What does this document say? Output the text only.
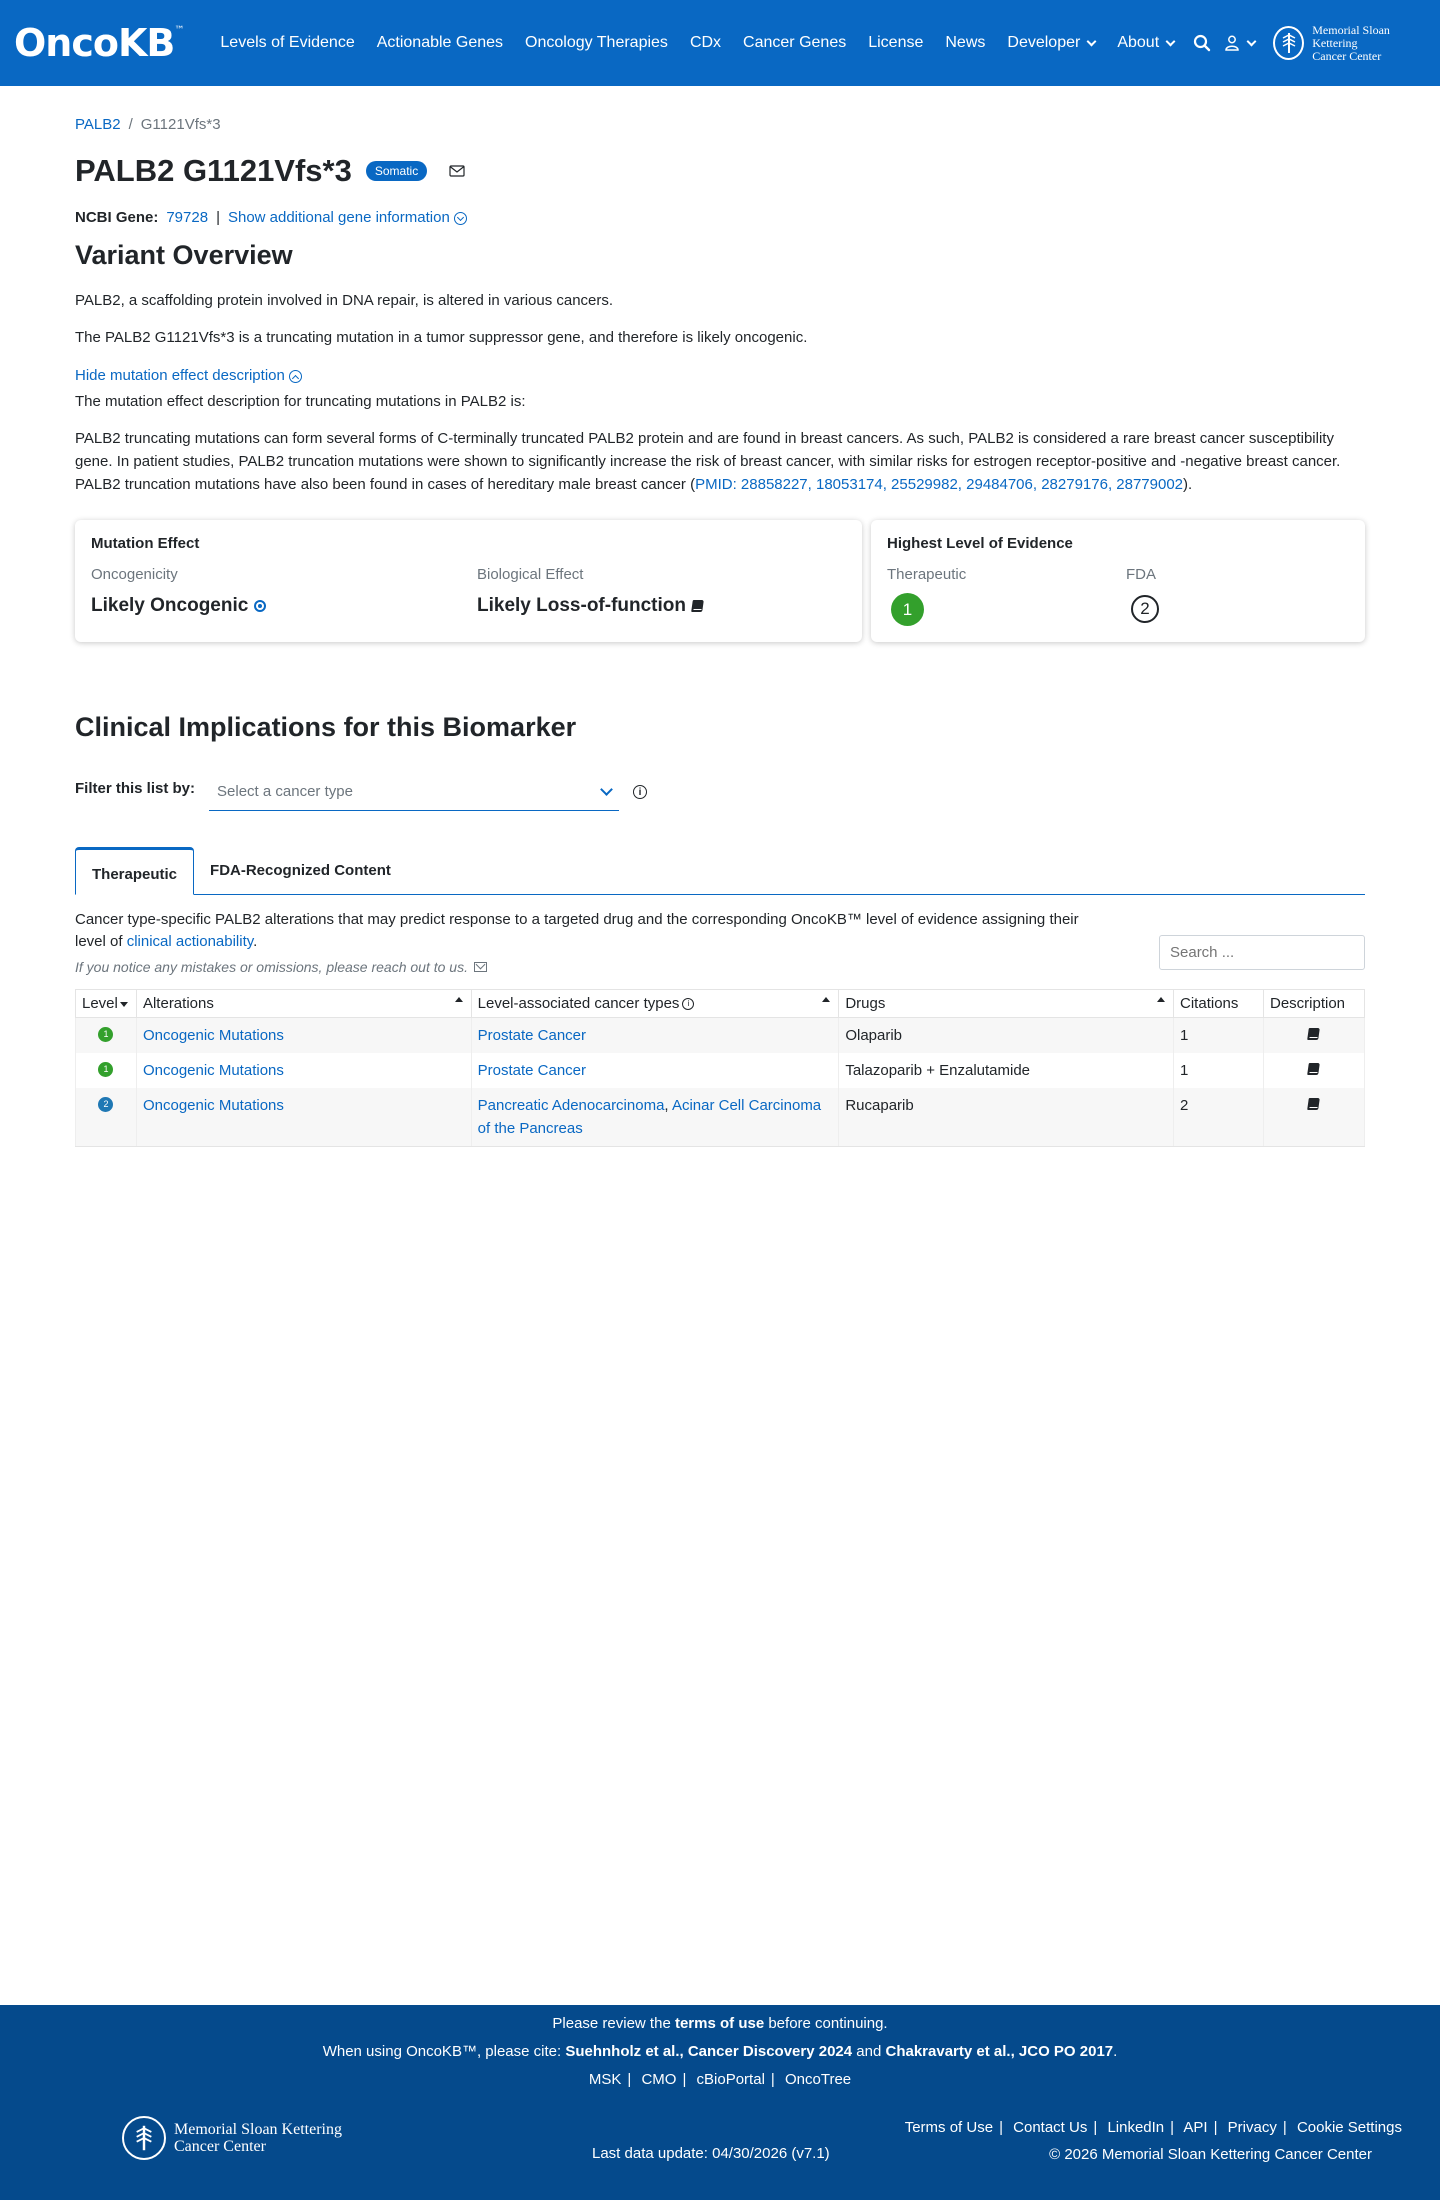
OncoKB ™
Levels of Evidence	Actionable Genes	Oncology Therapies	CDx	Cancer Genes	License	News	Developer About
Memorial Sloan Kettering
Cancer Center
PALB2 / G1121Vfs*3
PALB2 G1121Vfs*3	Somatic
NCBI Gene: 79728 | Show additional gene information
Variant Overview

PALB2, a scaffolding protein involved in DNA repair, is altered in various cancers.

The PALB2 G1121Vfs*3 is a truncating mutation in a tumor suppressor gene, and therefore is likely oncogenic.

Hide mutation effect description

The mutation effect description for truncating mutations in PALB2 is:

PALB2 truncating mutations can form several forms of C-terminally truncated PALB2 protein and are found in breast cancers. As such, PALB2 is considered a rare breast cancer susceptibility gene. In patient studies, PALB2 truncation mutations were shown to significantly increase the risk of breast cancer, with similar risks for estrogen receptor-positive and -negative breast cancer. PALB2 truncation mutations have also been found in cases of hereditary male breast cancer (PMID: 28858227, 18053174, 25529982, 29484706, 28279176, 28779002).

Mutation Effect
Oncogenicity
Likely Oncogenic
Biological Effect
Likely Loss-of-function
Highest Level of Evidence
Therapeutic
1
FDA
2
Clinical Implications for this Biomarker
Filter this list by: Select a cancer type	i
Therapeutic	FDA-Recognized Content
Cancer type-specific PALB2 alterations that may predict response to a targeted drug and the corresponding OncoKB™ level of evidence assigning their level of clinical actionability.
If you notice any mistakes or omissions, please reach out to us.
Search ...
Level	Alterations	Level-associated cancer types i	Drugs	Citations	Description

1	Oncogenic Mutations	Prostate Cancer	Olaparib	1	

1	Oncogenic Mutations	Prostate Cancer	Talazoparib + Enzalutamide	1	

2	Oncogenic Mutations	Pancreatic Adenocarcinoma, Acinar Cell Carcinoma of the Pancreas	Rucaparib	2	
Please review the terms of use before continuing.
When using OncoKB™, please cite: Suehnholz et al., Cancer Discovery 2024 and Chakravarty et al., JCO PO 2017.
MSK | CMO | cBioPortal | OncoTree
Memorial Sloan Kettering
Cancer Center	Last data update: 04/30/2026 (v7.1)
Terms of Use | Contact Us | LinkedIn | API | Privacy | Cookie Settings
© 2026 Memorial Sloan Kettering Cancer Center
